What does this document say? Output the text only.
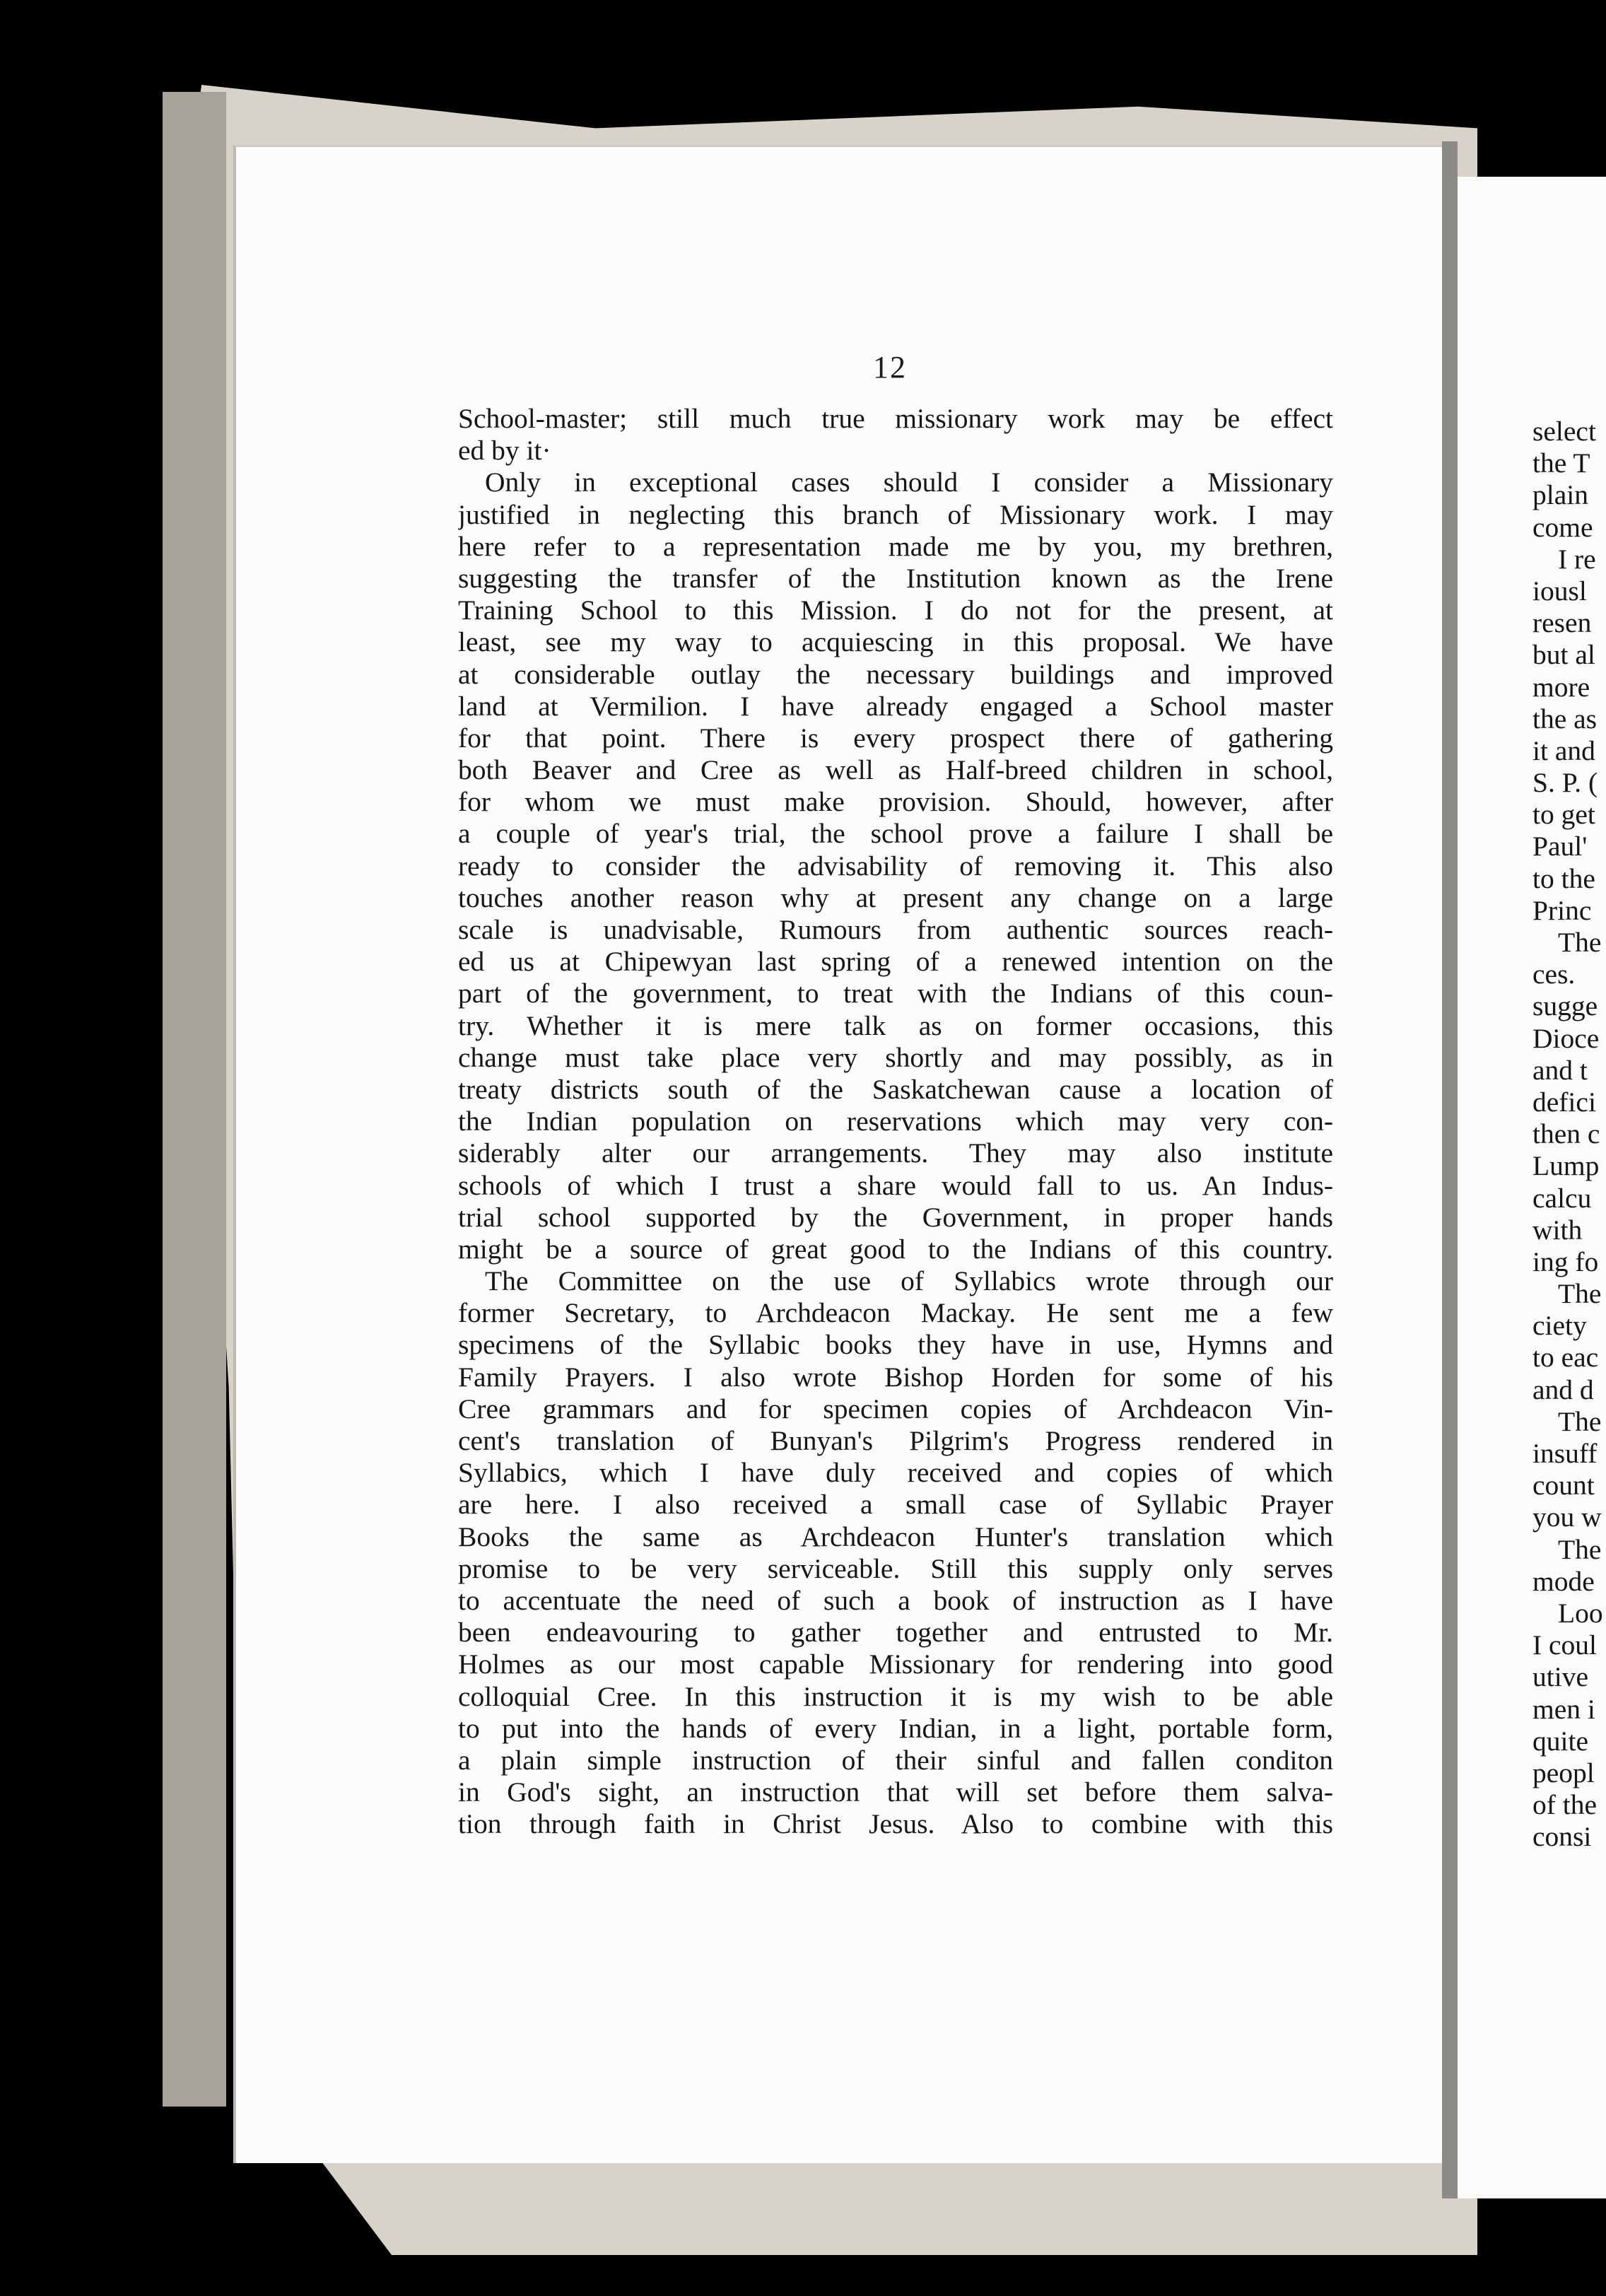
12

School-master; still much true missionary work may be effect
ed by it·
Only in exceptional cases should I consider a Missionary
justified in neglecting this branch of Missionary work. I may
here refer to a representation made me by you, my brethren,
suggesting the transfer of the Institution known as the Irene
Training School to this Mission. I do not for the present, at
least, see my way to acquiescing in this proposal. We have
at considerable outlay the necessary buildings and improved
land at Vermilion. I have already engaged a School master
for that point. There is every prospect there of gathering
both Beaver and Cree as well as Half-breed children in school,
for whom we must make provision. Should, however, after
a couple of year's trial, the school prove a failure I shall be
ready to consider the advisability of removing it. This also
touches another reason why at present any change on a large
scale is unadvisable, Rumours from authentic sources reach-
ed us at Chipewyan last spring of a renewed intention on the
part of the government, to treat with the Indians of this coun-
try. Whether it is mere talk as on former occasions, this
change must take place very shortly and may possibly, as in
treaty districts south of the Saskatchewan cause a location of
the Indian population on reservations which may very con-
siderably alter our arrangements. They may also institute
schools of which I trust a share would fall to us. An Indus-
trial school supported by the Government, in proper hands
might be a source of great good to the Indians of this country.
The Committee on the use of Syllabics wrote through our
former Secretary, to Archdeacon Mackay. He sent me a few
specimens of the Syllabic books they have in use, Hymns and
Family Prayers. I also wrote Bishop Horden for some of his
Cree grammars and for specimen copies of Archdeacon Vin-
cent's translation of Bunyan's Pilgrim's Progress rendered in
Syllabics, which I have duly received and copies of which
are here. I also received a small case of Syllabic Prayer
Books the same as Archdeacon Hunter's translation which
promise to be very serviceable. Still this supply only serves
to accentuate the need of such a book of instruction as I have
been endeavouring to gather together and entrusted to Mr.
Holmes as our most capable Missionary for rendering into good
colloquial Cree. In this instruction it is my wish to be able
to put into the hands of every Indian, in a light, portable form,
a plain simple instruction of their sinful and fallen conditon
in God's sight, an instruction that will set before them salva-
tion through faith in Christ Jesus. Also to combine with this
select
the T
plain
come
I re
iousl
resen
but al
more
the as
it and
S. P. (
to get
Paul'
to the
Princ
The
ces.
sugge
Dioce
and t
defici
then c
Lump
calcu
with
ing fo
The
ciety
to eac
and d
The
insuff
count
you w
The
mode
Loo
I coul
utive
men i
quite
peopl
of the
consi
